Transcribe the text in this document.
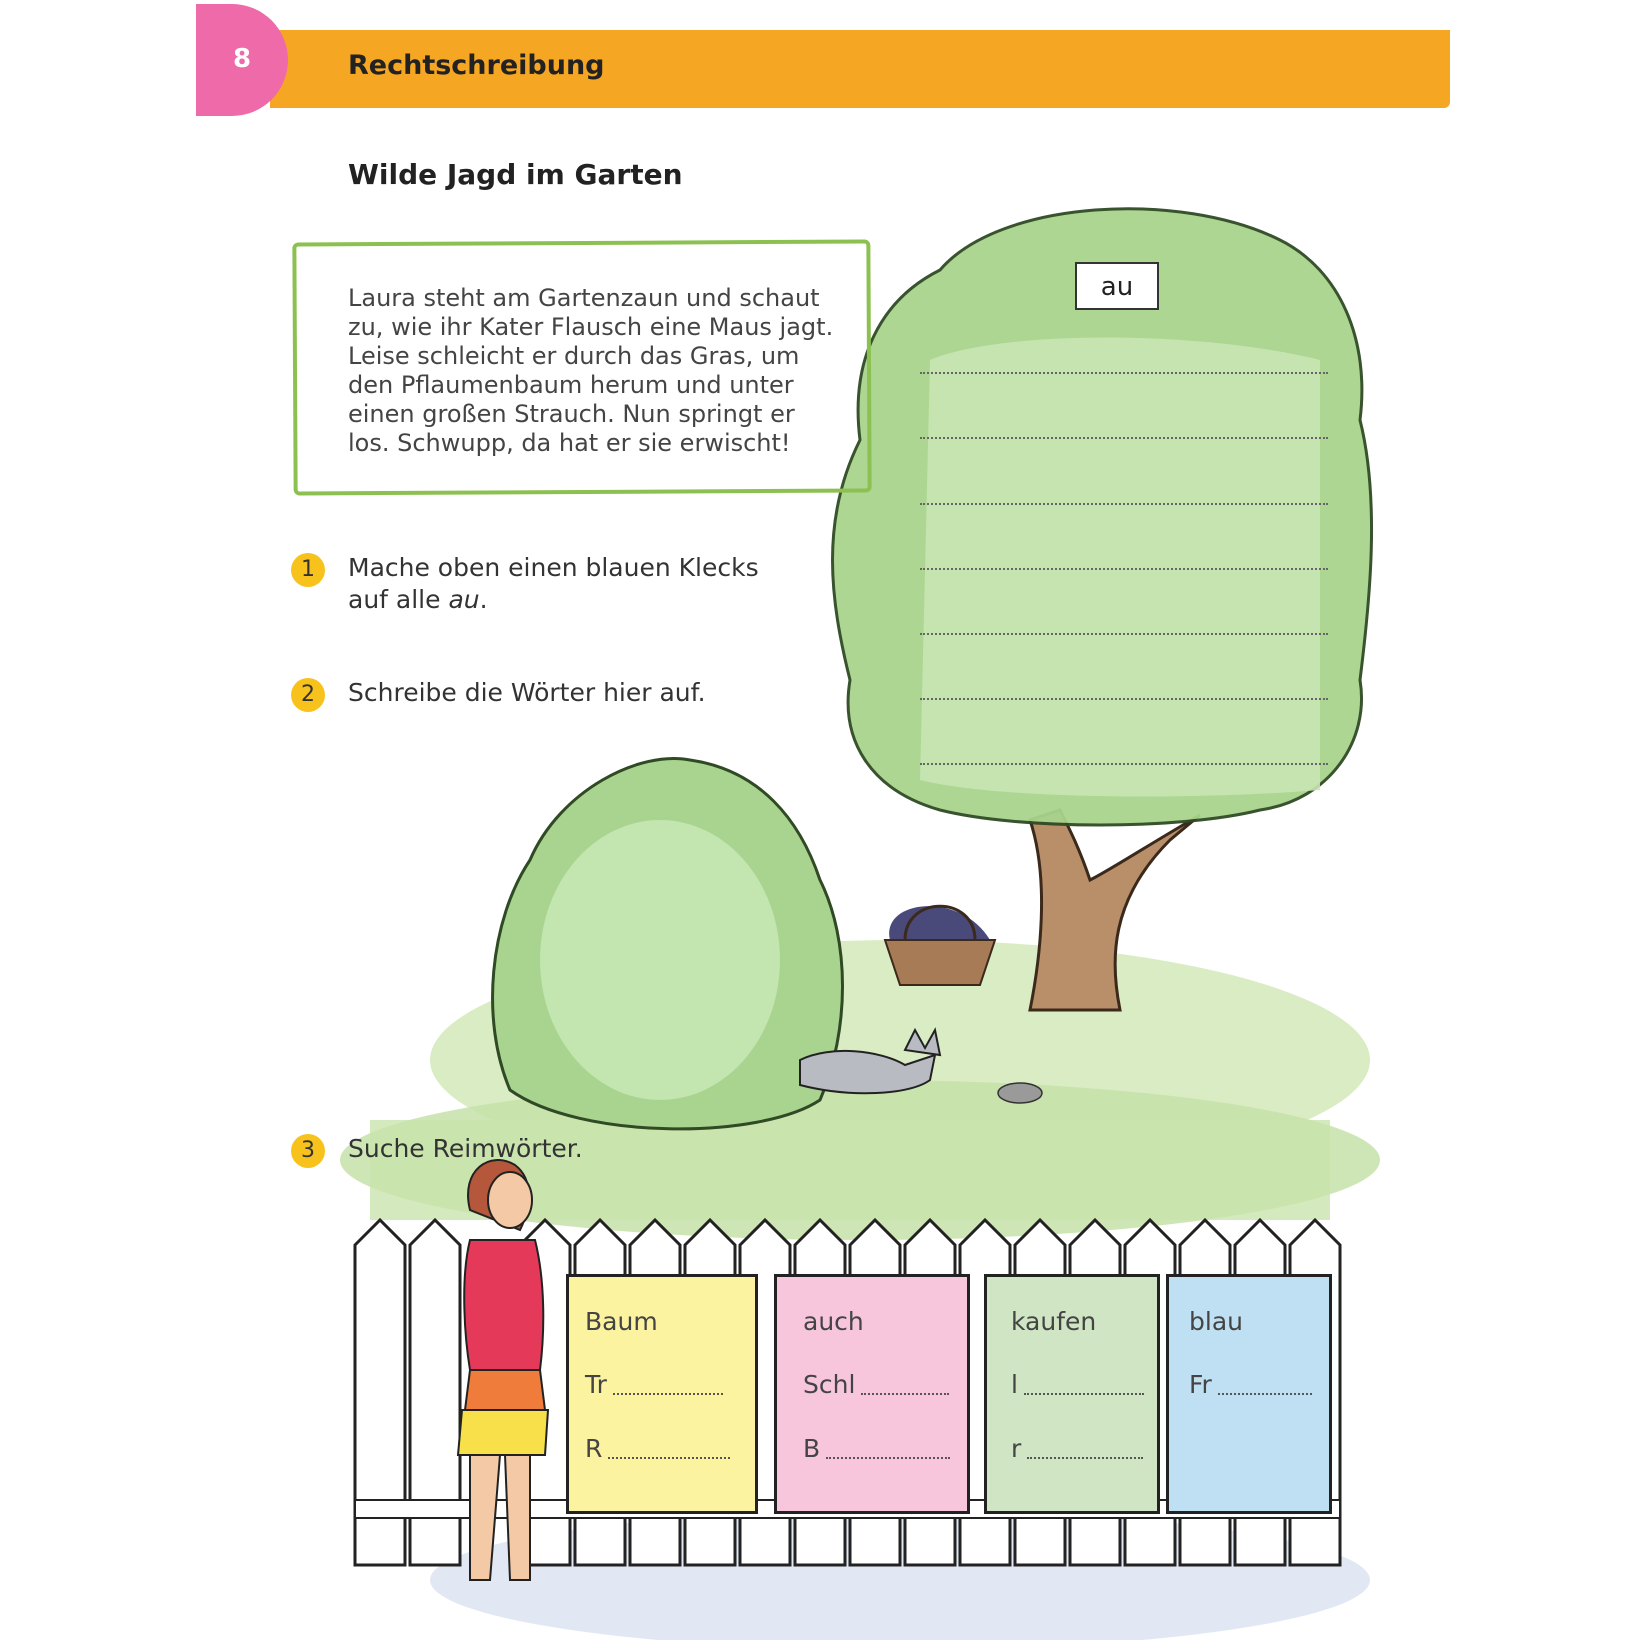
8	Rechtschreibung
Wilde Jagd im Garten
Laura steht am Gartenzaun und schaut
zu, wie ihr Kater Flausch eine Maus jagt.
Leise schleicht er durch das Gras, um
den Pflaumenbaum herum und unter
einen großen Strauch. Nun springt er
los. Schwupp, da hat er sie erwischt!
1	Mache oben einen blauen Klecks
auf alle au.
2	Schreibe die Wörter hier auf.
3	Suche Reimwörter.
au
Baum
Tr
R
auch
Schl
B
kaufen
l
r
blau
Fr
